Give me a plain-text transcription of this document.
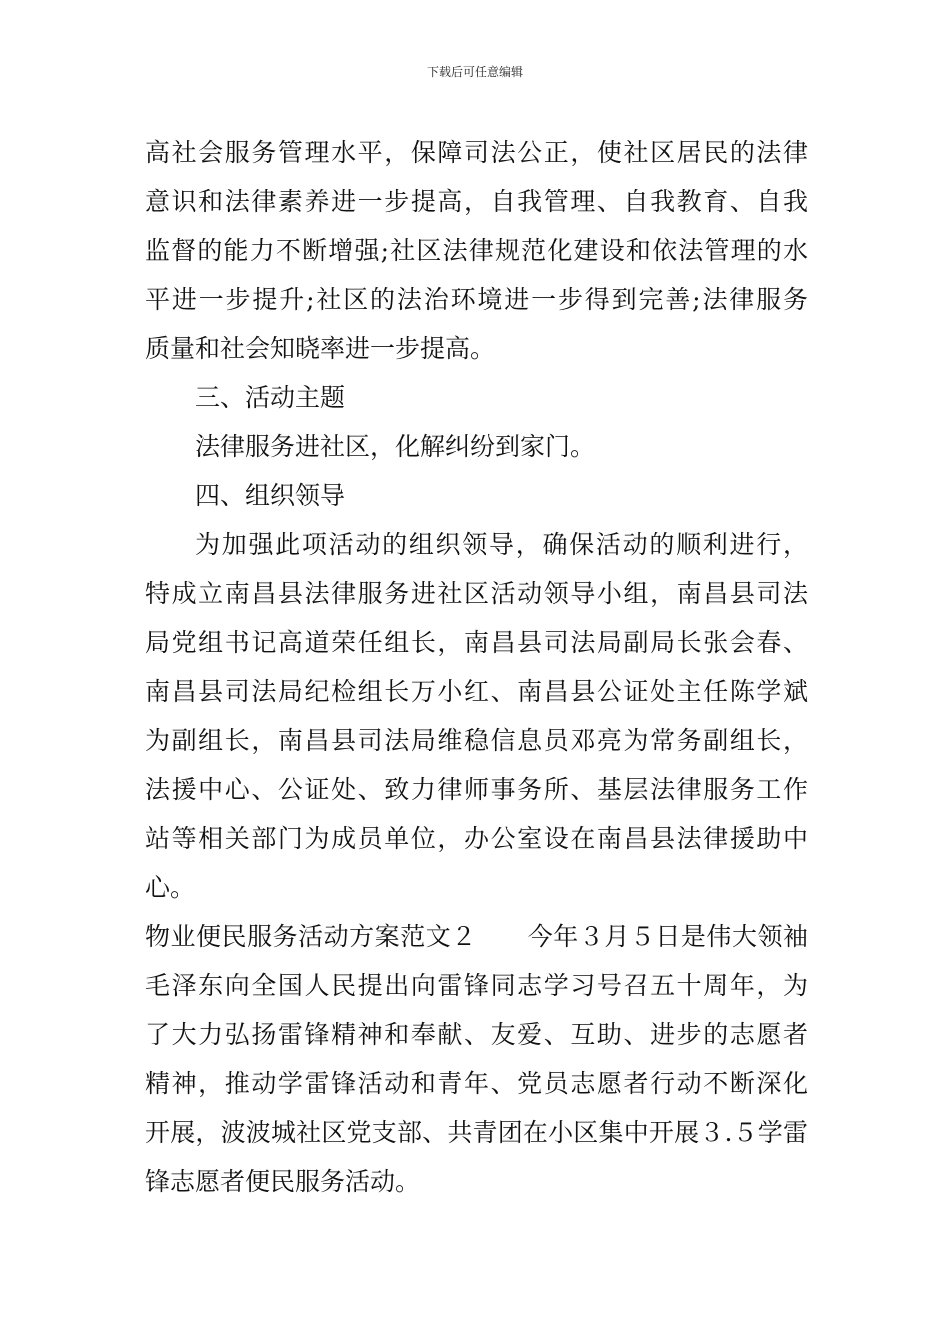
下载后可任意编辑
高社会服务管理水平，保障司法公正，使社区居民的法律
意识和法律素养进一步提高，自我管理、自我教育、自我
监督的能力不断增强;社区法律规范化建设和依法管理的水
平进一步提升;社区的法治环境进一步得到完善;法律服务
质量和社会知晓率进一步提高。
三、活动主题
法律服务进社区，化解纠纷到家门。
四、组织领导
为加强此项活动的组织领导，确保活动的顺利进行，
特成立南昌县法律服务进社区活动领导小组，南昌县司法
局党组书记高道荣任组长，南昌县司法局副局长张会春、
南昌县司法局纪检组长万小红、南昌县公证处主任陈学斌
为副组长，南昌县司法局维稳信息员邓亮为常务副组长，
法援中心、公证处、致力律师事务所、基层法律服务工作
站等相关部门为成员单位，办公室设在南昌县法律援助中
心。
物业便民服务活动方案范文２　　今年３月５日是伟大领袖
毛泽东向全国人民提出向雷锋同志学习号召五十周年，为
了大力弘扬雷锋精神和奉献、友爱、互助、进步的志愿者
精神，推动学雷锋活动和青年、党员志愿者行动不断深化
开展，波波城社区党支部、共青团在小区集中开展３.５学雷
锋志愿者便民服务活动。
